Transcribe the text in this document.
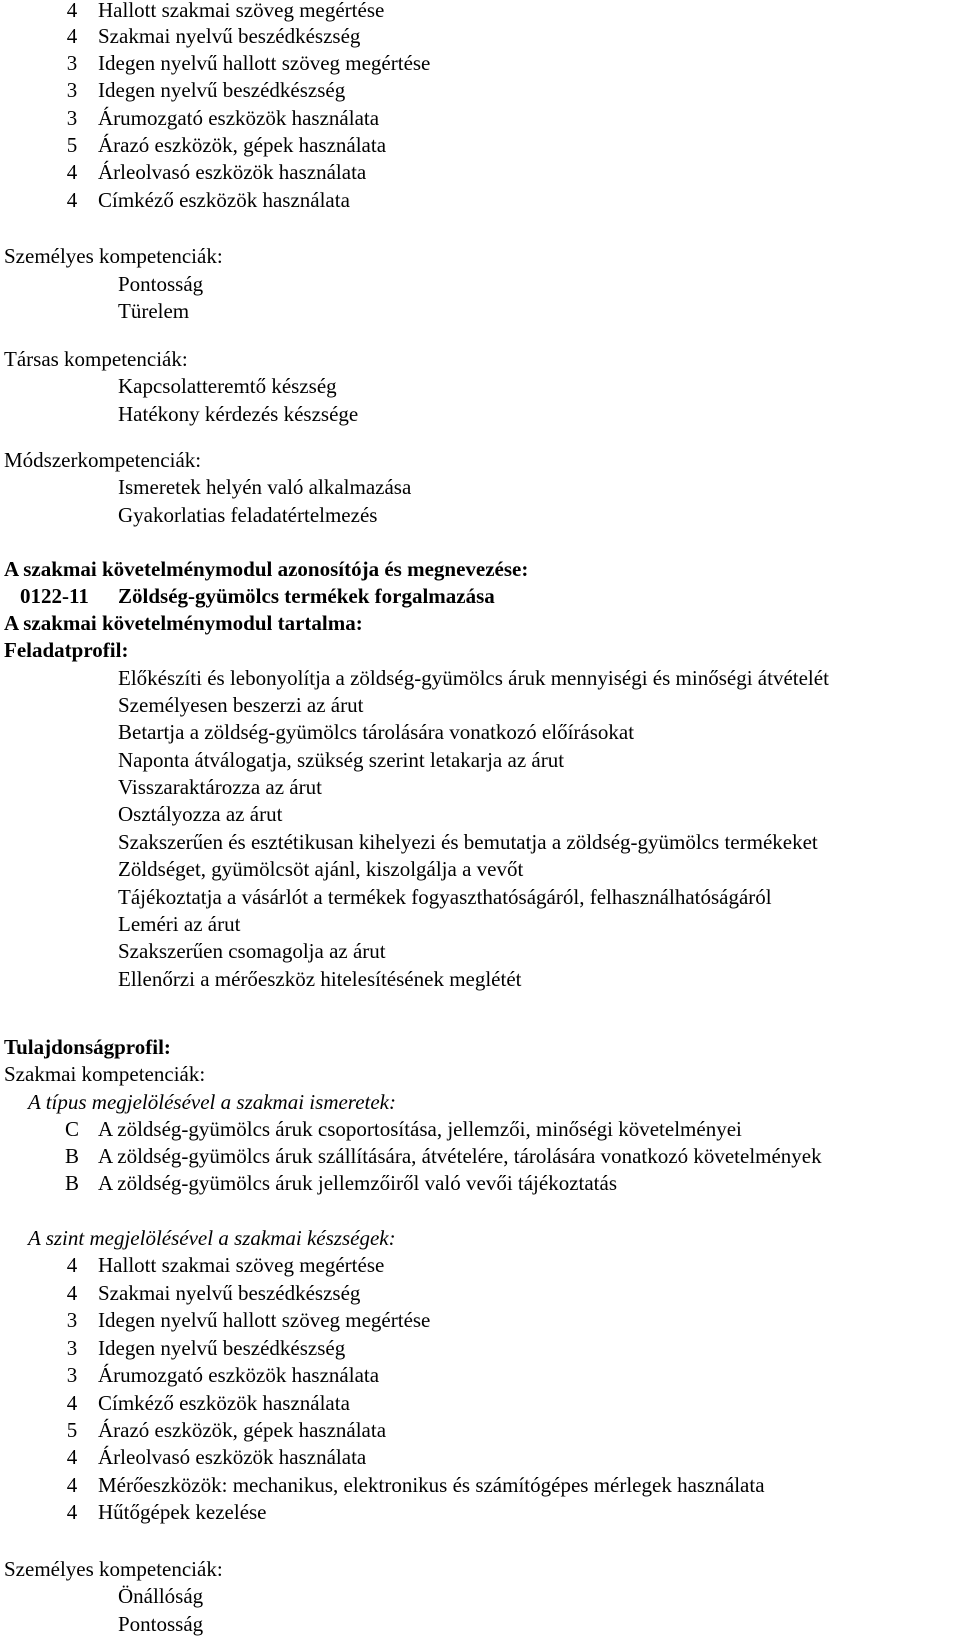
4 Hallott szakmai szöveg megértése
4 Szakmai nyelvű beszédkészség
3 Idegen nyelvű hallott szöveg megértése
3 Idegen nyelvű beszédkészség
3 Árumozgató eszközök használata
5 Árazó eszközök, gépek használata
4 Árleolvasó eszközök használata
4 Címkéző eszközök használata
Személyes kompetenciák:
Pontosság
Türelem
Társas kompetenciák:
Kapcsolatteremtő készség
Hatékony kérdezés készsége
Módszerkompetenciák:
Ismeretek helyén való alkalmazása
Gyakorlatias feladatértelmezés
A szakmai követelménymodul azonosítója és megnevezése:
0122-11 Zöldség-gyümölcs termékek forgalmazása
A szakmai követelménymodul tartalma:
Feladatprofil:
Előkészíti és lebonyolítja a zöldség-gyümölcs áruk mennyiségi és minőségi átvételét
Személyesen beszerzi az árut
Betartja a zöldség-gyümölcs tárolására vonatkozó előírásokat
Naponta átválogatja, szükség szerint letakarja az árut
Visszaraktározza az árut
Osztályozza az árut
Szakszerűen és esztétikusan kihelyezi és bemutatja a zöldség-gyümölcs termékeket
Zöldséget, gyümölcsöt ajánl, kiszolgálja a vevőt
Tájékoztatja a vásárlót a termékek fogyaszthatóságáról, felhasználhatóságáról
Leméri az árut
Szakszerűen csomagolja az árut
Ellenőrzi a mérőeszköz hitelesítésének meglétét
Tulajdonságprofil:
Szakmai kompetenciák:
A típus megjelölésével a szakmai ismeretek:
C A zöldség-gyümölcs áruk csoportosítása, jellemzői, minőségi követelményei
B A zöldség-gyümölcs áruk szállítására, átvételére, tárolására vonatkozó követelmények
B A zöldség-gyümölcs áruk jellemzőiről való vevői tájékoztatás
A szint megjelölésével a szakmai készségek:
4 Hallott szakmai szöveg megértése
4 Szakmai nyelvű beszédkészség
3 Idegen nyelvű hallott szöveg megértése
3 Idegen nyelvű beszédkészség
3 Árumozgató eszközök használata
4 Címkéző eszközök használata
5 Árazó eszközök, gépek használata
4 Árleolvasó eszközök használata
4 Mérőeszközök: mechanikus, elektronikus és számítógépes mérlegek használata
4 Hűtőgépek kezelése
Személyes kompetenciák:
Önállóság
Pontosság
